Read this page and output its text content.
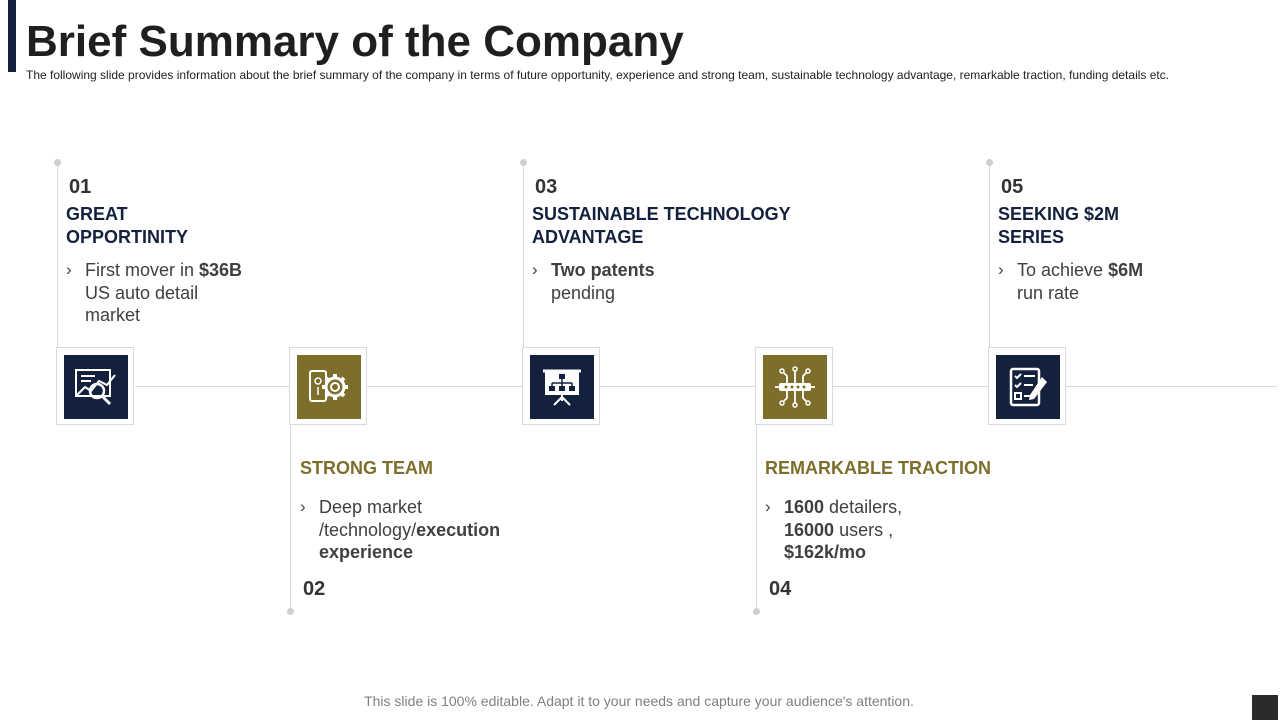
Brief Summary of the Company
The following slide provides information about the brief summary of the company in terms of future opportunity, experience and strong team, sustainable technology advantage, remarkable traction, funding details etc.
01
GREAT
OPPORTINITY
› First mover in $36B
US auto detail
market
STRONG TEAM
› Deep market
/technology/execution
experience
02
03
SUSTAINABLE TECHNOLOGY
ADVANTAGE
› Two patents
pending
REMARKABLE TRACTION
› 1600 detailers,
16000 users ,
$162k/mo
04
05
SEEKING $2M
SERIES
› To achieve $6M
run rate
This slide is 100% editable. Adapt it to your needs and capture your audience's attention.
